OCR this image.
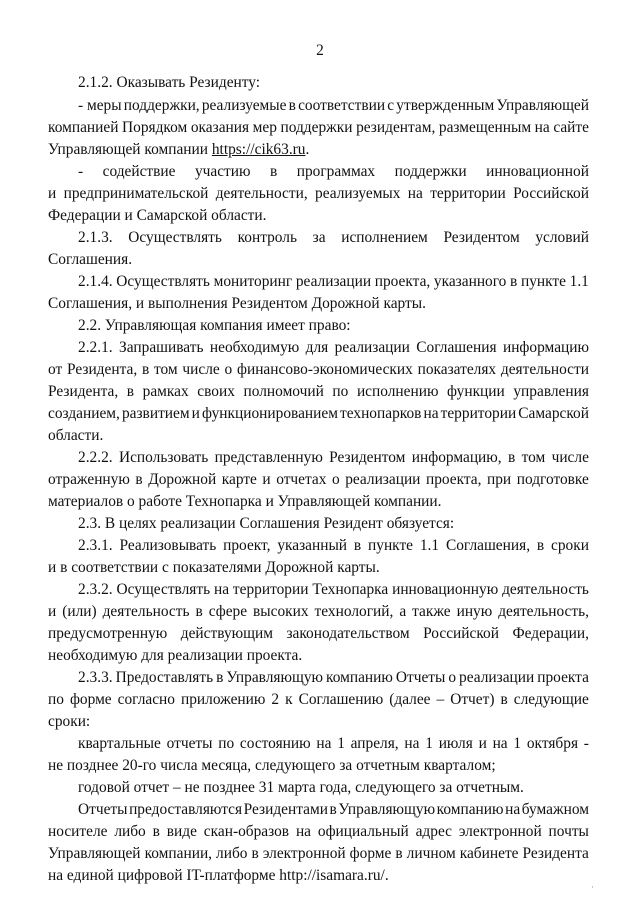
2
2.1.2. Оказывать Резиденту:
- меры поддержки, реализуемые в соответствии с утвержденным Управляющей
компанией Порядком оказания мер поддержки резидентам, размещенным на сайте
Управляющей компании https://cik63.ru.
- содействие участию в программах поддержки инновационной
и предпринимательской деятельности, реализуемых на территории Российской
Федерации и Самарской области.
2.1.3. Осуществлять контроль за исполнением Резидентом условий
Соглашения.
2.1.4. Осуществлять мониторинг реализации проекта, указанного в пункте 1.1
Соглашения, и выполнения Резидентом Дорожной карты.
2.2. Управляющая компания имеет право:
2.2.1. Запрашивать необходимую для реализации Соглашения информацию
от Резидента, в том числе о финансово-экономических показателях деятельности
Резидента, в рамках своих полномочий по исполнению функции управления
созданием, развитием и функционированием технопарков на территории Самарской
области.
2.2.2. Использовать представленную Резидентом информацию, в том числе
отраженную в Дорожной карте и отчетах о реализации проекта, при подготовке
материалов о работе Технопарка и Управляющей компании.
2.3. В целях реализации Соглашения Резидент обязуется:
2.3.1. Реализовывать проект, указанный в пункте 1.1 Соглашения, в сроки
и в соответствии с показателями Дорожной карты.
2.3.2. Осуществлять на территории Технопарка инновационную деятельность
и (или) деятельность в сфере высоких технологий, а также иную деятельность,
предусмотренную действующим законодательством Российской Федерации,
необходимую для реализации проекта.
2.3.3. Предоставлять в Управляющую компанию Отчеты о реализации проекта
по форме согласно приложению 2 к Соглашению (далее – Отчет) в следующие
сроки:
квартальные отчеты по состоянию на 1 апреля, на 1 июля и на 1 октября -
не позднее 20-го числа месяца, следующего за отчетным кварталом;
годовой отчет – не позднее 31 марта года, следующего за отчетным.
Отчеты предоставляются Резидентами в Управляющую компанию на бумажном
носителе либо в виде скан-образов на официальный адрес электронной почты
Управляющей компании, либо в электронной форме в личном кабинете Резидента
на единой цифровой IT-платформе http://isamara.ru/.
·
